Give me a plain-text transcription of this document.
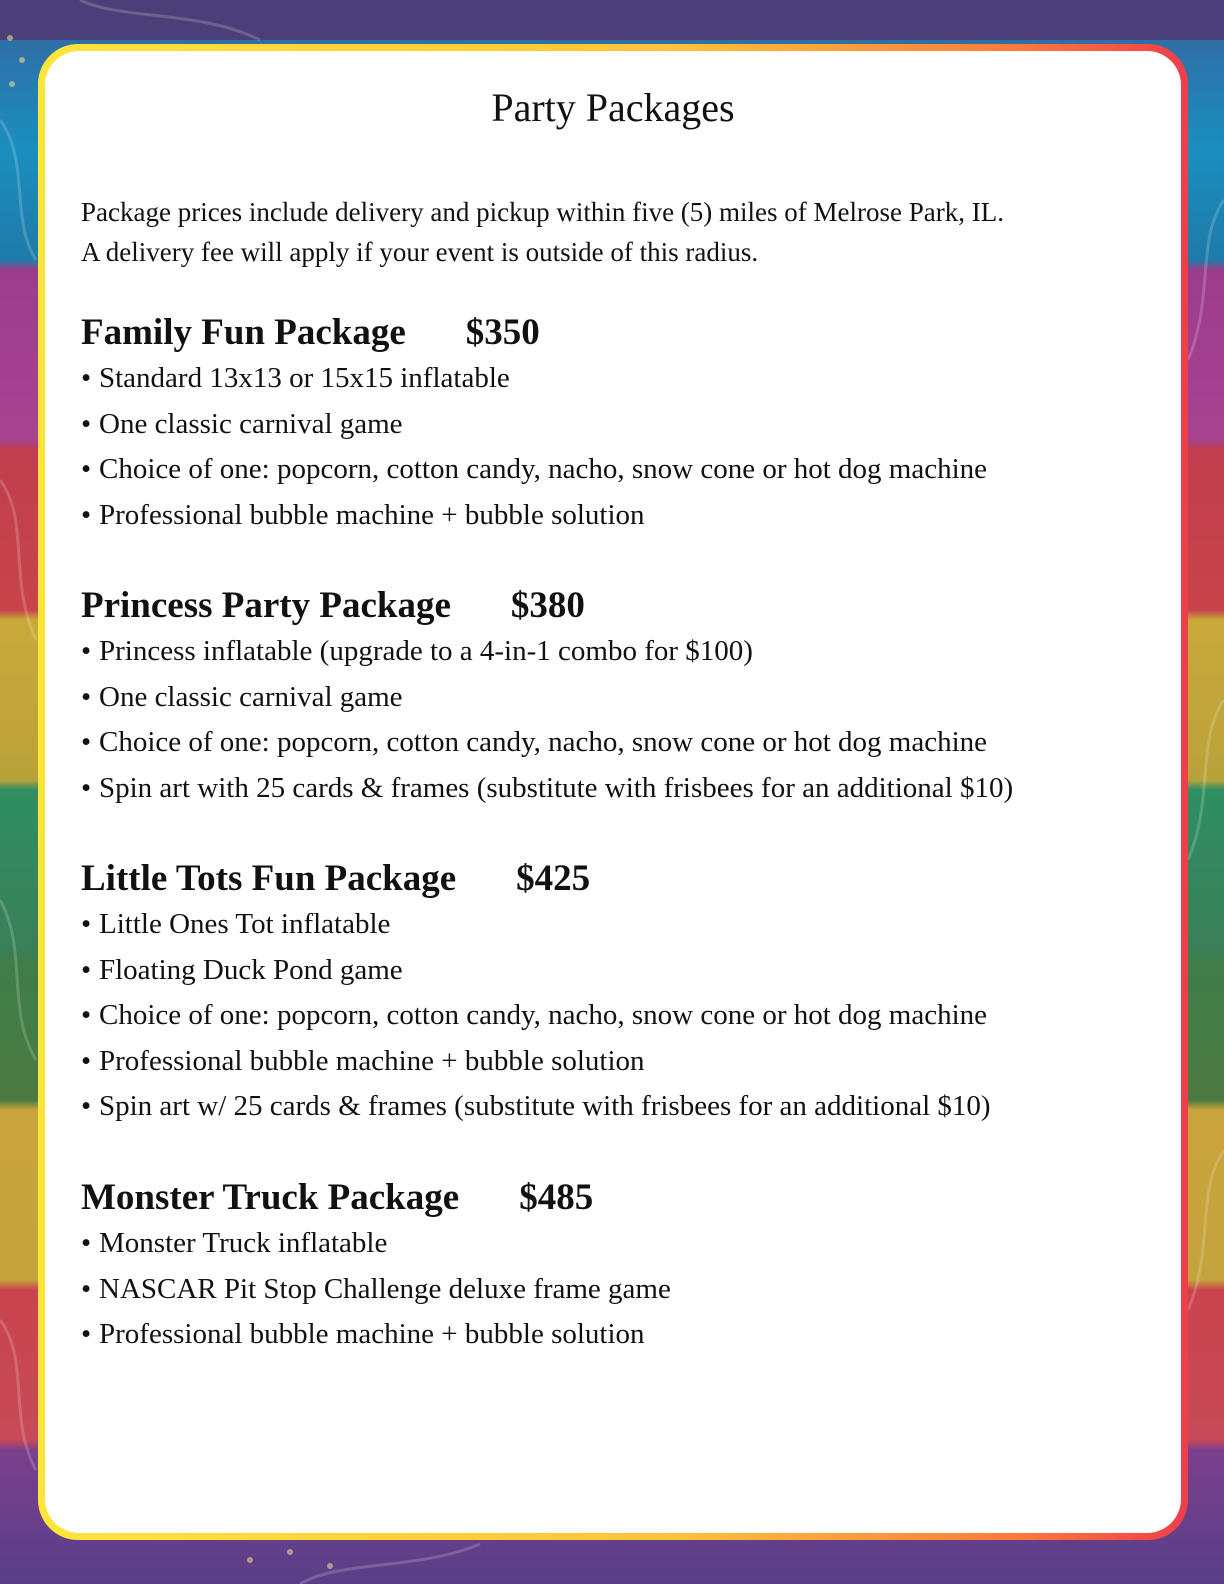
Party Packages

Package prices include delivery and pickup within five (5) miles of Melrose Park, IL.
A delivery fee will apply if your event is outside of this radius.

Family Fun Package $350
• Standard 13x13 or 15x15 inflatable
• One classic carnival game
• Choice of one: popcorn, cotton candy, nacho, snow cone or hot dog machine
• Professional bubble machine + bubble solution
Princess Party Package $380
• Princess inflatable (upgrade to a 4-in-1 combo for $100)
• One classic carnival game
• Choice of one: popcorn, cotton candy, nacho, snow cone or hot dog machine
• Spin art with 25 cards & frames (substitute with frisbees for an additional $10)
Little Tots Fun Package $425
• Little Ones Tot inflatable
• Floating Duck Pond game
• Choice of one: popcorn, cotton candy, nacho, snow cone or hot dog machine
• Professional bubble machine + bubble solution
• Spin art w/ 25 cards & frames (substitute with frisbees for an additional $10)
Monster Truck Package $485
• Monster Truck inflatable
• NASCAR Pit Stop Challenge deluxe frame game
• Professional bubble machine + bubble solution
